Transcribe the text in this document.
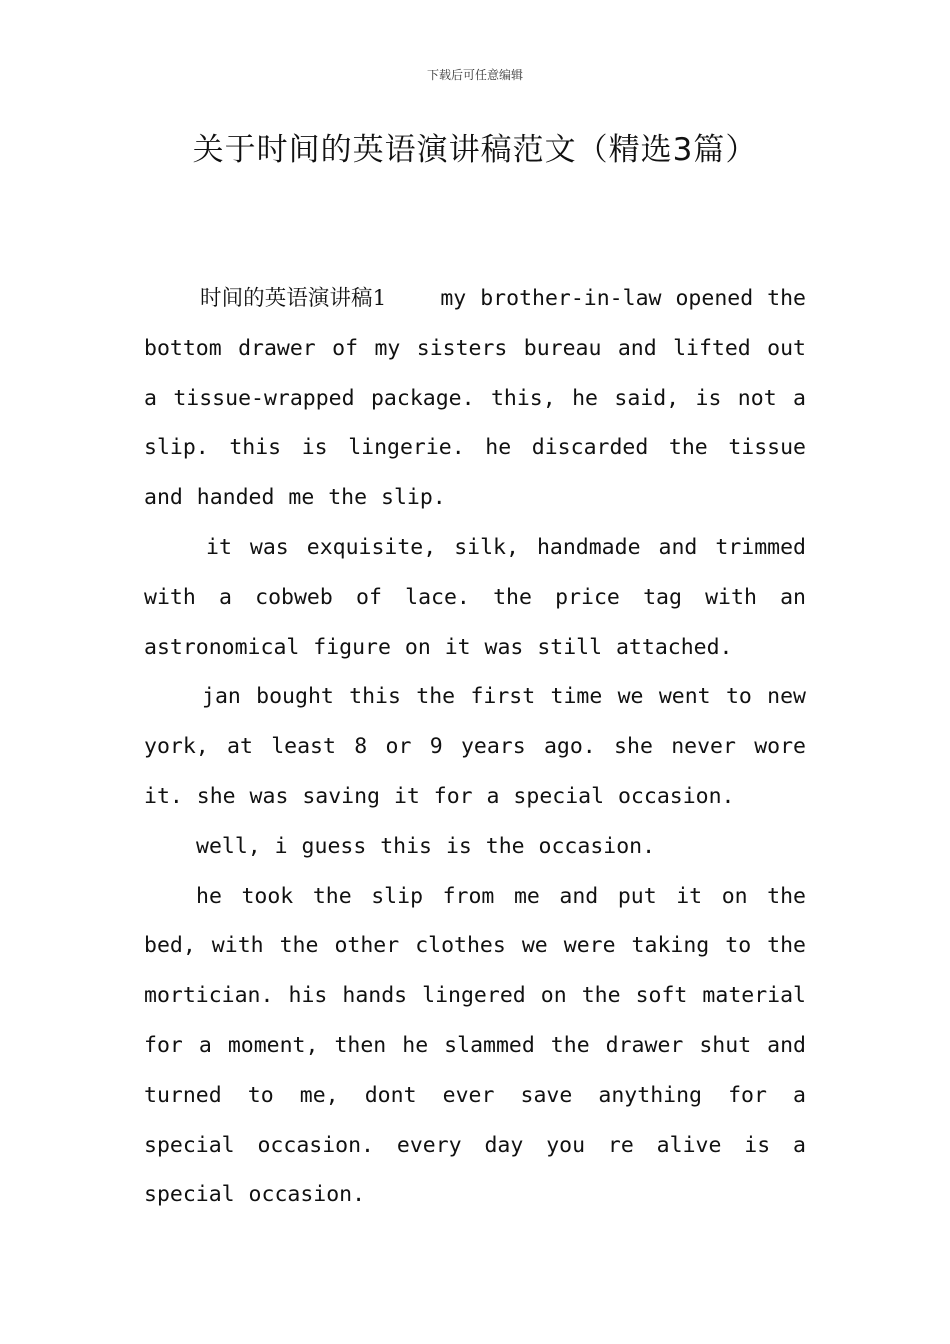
下载后可任意编辑
关于时间的英语演讲稿范文（精选3篇）

时间的英语演讲稿1	my brother-in-law opened the bottom drawer of my sisters bureau and lifted out a tissue-wrapped package. this, he said, is not a slip. this is lingerie. he discarded the tissue and handed me the slip.

it was exquisite, silk, handmade and trimmed with a cobweb of lace. the price tag with an astronomical figure on it was still attached.

jan bought this the first time we went to new york, at least 8 or 9 years ago. she never wore it. she was saving it for a special occasion.

well, i guess this is the occasion.

he took the slip from me and put it on the bed, with the other clothes we were taking to the mortician. his hands lingered on the soft material for a moment, then he slammed the drawer shut and turned to me, dont ever save anything for a special occasion. every day you re alive is a special occasion.
